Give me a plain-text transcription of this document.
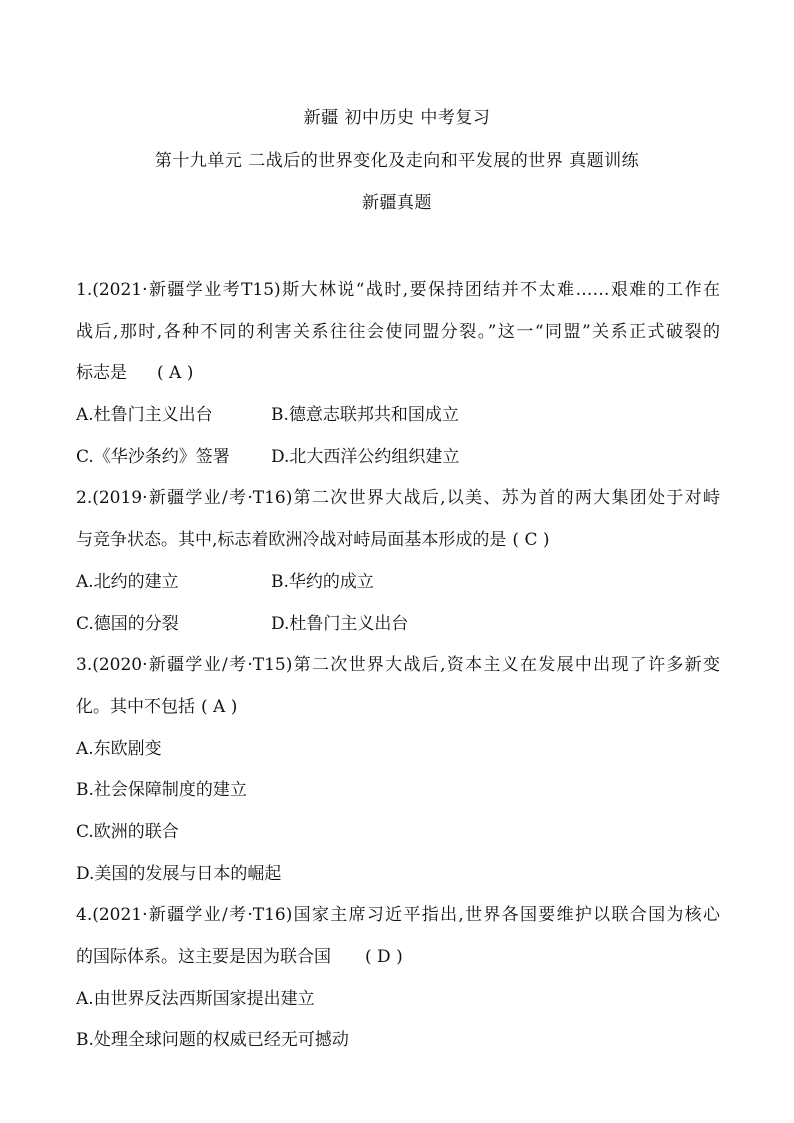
新疆 初中历史 中考复习
第十九单元 二战后的世界变化及走向和平发展的世界 真题训练
新疆真题
1.(2021·新疆学业考T15)斯大林说“战时,要保持团结并不太难……艰难的工作在
战后,那时,各种不同的利害关系往往会使同盟分裂。”这一“同盟”关系正式破裂的
标志是 ( A )
A.杜鲁门主义出台	B.德意志联邦共和国成立
C.《华沙条约》签署	D.北大西洋公约组织建立
2.(2019·新疆学业/考·T16)第二次世界大战后,以美、苏为首的两大集团处于对峙
与竞争状态。其中,标志着欧洲冷战对峙局面基本形成的是 ( C )
A.北约的建立	B.华约的成立
C.德国的分裂	D.杜鲁门主义出台
3.(2020·新疆学业/考·T15)第二次世界大战后,资本主义在发展中出现了许多新变
化。其中不包括 ( A )
A.东欧剧变
B.社会保障制度的建立
C.欧洲的联合
D.美国的发展与日本的崛起
4.(2021·新疆学业/考·T16)国家主席习近平指出,世界各国要维护以联合国为核心
的国际体系。这主要是因为联合国 ( D )
A.由世界反法西斯国家提出建立
B.处理全球问题的权威已经无可撼动
